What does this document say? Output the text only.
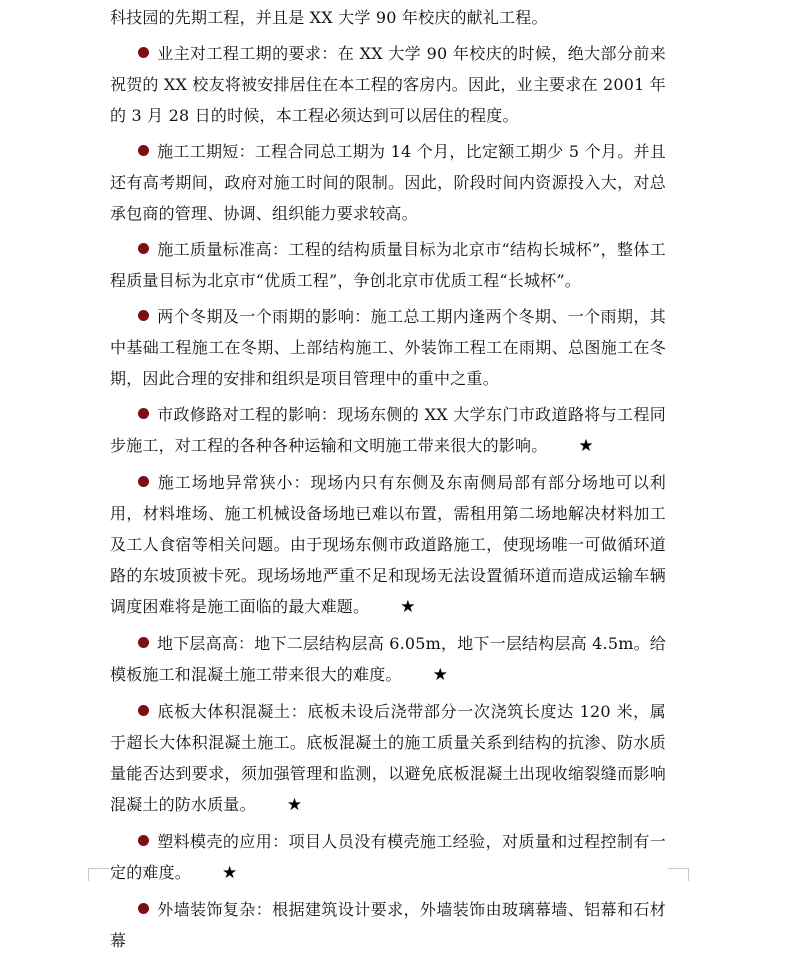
科技园的先期工程，并且是 XX 大学 90 年校庆的献礼工程。

业主对工程工期的要求：在 XX 大学 90 年校庆的时候，绝大部分前来祝贺的 XX 校友将被安排居住在本工程的客房内。因此，业主要求在 2001 年的 3 月 28 日的时候，本工程必须达到可以居住的程度。

施工工期短：工程合同总工期为 14 个月，比定额工期少 5 个月。并且还有高考期间，政府对施工时间的限制。因此，阶段时间内资源投入大，对总承包商的管理、协调、组织能力要求较高。

施工质量标准高：工程的结构质量目标为北京市“结构长城杯”，整体工程质量目标为北京市“优质工程”，争创北京市优质工程“长城杯”。

两个冬期及一个雨期的影响：施工总工期内逢两个冬期、一个雨期，其中基础工程施工在冬期、上部结构施工、外装饰工程工在雨期、总图施工在冬期，因此合理的安排和组织是项目管理中的重中之重。

市政修路对工程的影响：现场东侧的 XX 大学东门市政道路将与工程同步施工，对工程的各种各种运输和文明施工带来很大的影响。 ★

施工场地异常狭小：现场内只有东侧及东南侧局部有部分场地可以利用，材料堆场、施工机械设备场地已难以布置，需租用第二场地解决材料加工及工人食宿等相关问题。由于现场东侧市政道路施工，使现场唯一可做循环道路的东坡顶被卡死。现场场地严重不足和现场无法设置循环道而造成运输车辆调度困难将是施工面临的最大难题。 ★

地下层高高：地下二层结构层高 6.05m，地下一层结构层高 4.5m。给模板施工和混凝土施工带来很大的难度。 ★

底板大体积混凝土：底板未设后浇带部分一次浇筑长度达 120 米，属于超长大体积混凝土施工。底板混凝土的施工质量关系到结构的抗渗、防水质量能否达到要求，须加强管理和监测，以避免底板混凝土出现收缩裂缝而影响混凝土的防水质量。 ★

塑料模壳的应用：项目人员没有模壳施工经验，对质量和过程控制有一定的难度。 ★

外墙装饰复杂：根据建筑设计要求，外墙装饰由玻璃幕墙、铝幕和石材幕
